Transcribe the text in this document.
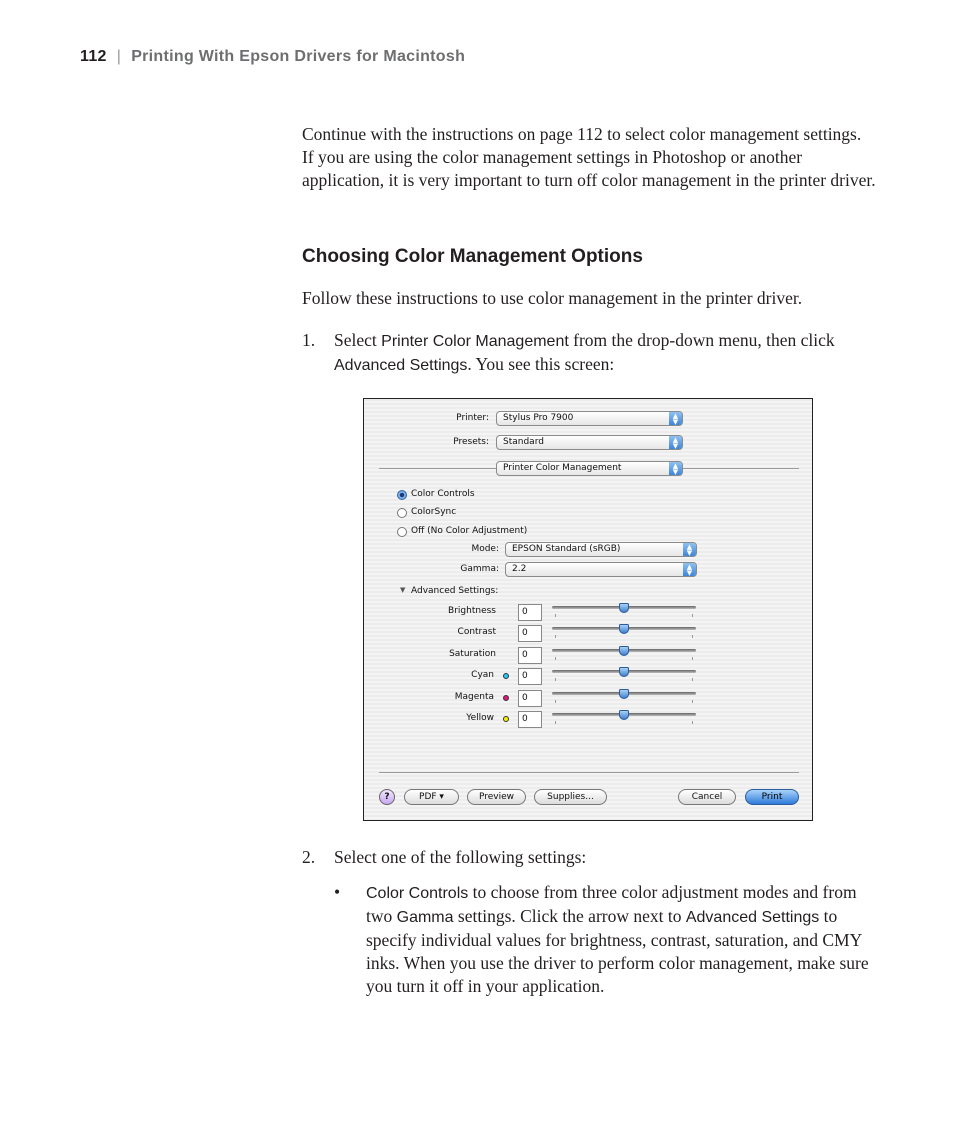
112 | Printing With Epson Drivers for Macintosh
Continue with the instructions on page 112 to select color management settings. If you are using the color management settings in Photoshop or another application, it is very important to turn off color management in the printer driver.
Choosing Color Management Options
Follow these instructions to use color management in the printer driver.
1. Select Printer Color Management from the drop-down menu, then click Advanced Settings. You see this screen:
Printer:	Stylus Pro 7900	▲
▼
Presets:	Standard	▲
▼
Printer Color Management	▲
▼
Color Controls
ColorSync
Off (No Color Adjustment)
Mode:	EPSON Standard (sRGB)	▲
▼
Gamma:	2.2	▲
▼
▼ Advanced Settings:
Brightness	0
Contrast	0
Saturation	0
Cyan	0
Magenta	0
Yellow	0
?	PDF ▾	Preview	Supplies...	Cancel	Print
2. Select one of the following settings:
• Color Controls to choose from three color adjustment modes and from two Gamma settings. Click the arrow next to Advanced Settings to specify individual values for brightness, contrast, saturation, and CMY inks. When you use the driver to perform color management, make sure you turn it off in your application.
